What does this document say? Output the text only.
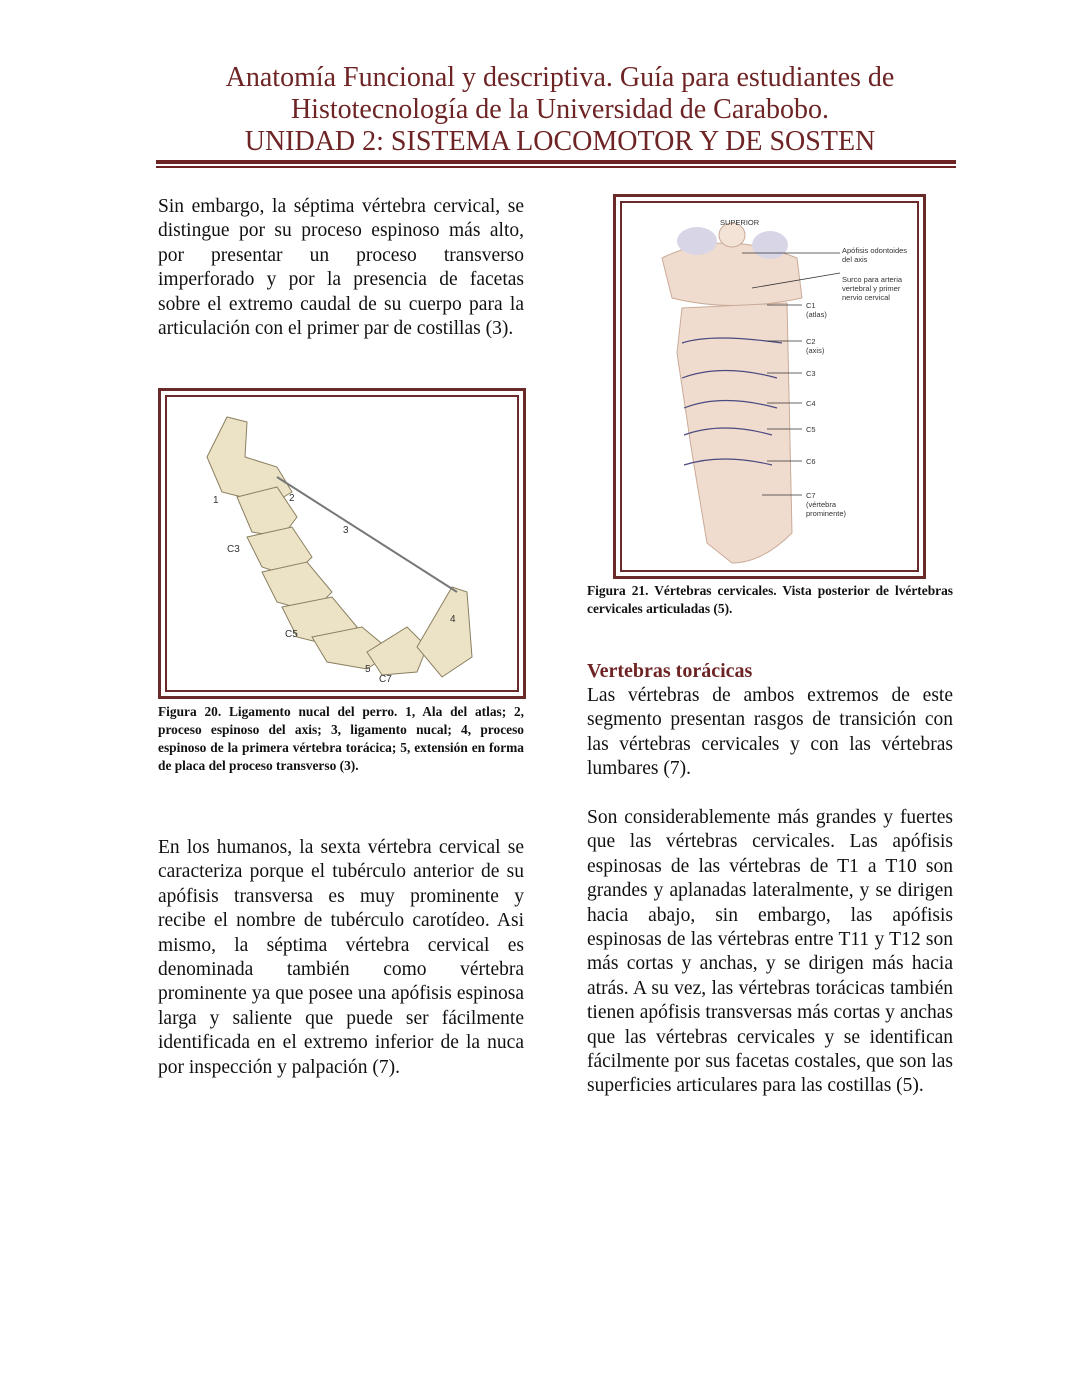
Anatomía Funcional y descriptiva. Guía para estudiantes de
Histotecnología de la Universidad de Carabobo.
UNIDAD 2: SISTEMA LOCOMOTOR Y DE SOSTEN
Sin embargo, la séptima vértebra cervical, se distingue por su proceso espinoso más alto, por presentar un proceso transverso imperforado y por la presencia de facetas sobre el extremo caudal de su cuerpo para la articulación con el primer par de costillas (3).
1	2
3
4
5
C3
C5
C7
Figura 20. Ligamento nucal del perro. 1, Ala del atlas; 2, proceso espinoso del axis; 3, ligamento nucal; 4, proceso espinoso de la primera vértebra torácica; 5, extensión en forma de placa del proceso transverso (3).
En los humanos, la sexta vértebra cervical se caracteriza porque el tubérculo anterior de su apófisis transversa es muy prominente y recibe el nombre de tubérculo carotídeo. Asi mismo, la séptima vértebra cervical es denominada también como vértebra prominente ya que posee una apófisis espinosa larga y saliente que puede ser fácilmente identificada en el extremo inferior de la nuca por inspección y palpación (7).
SUPERIOR
Apófisis odontoides
del axis
Surco para arteria
vertebral y primer
nervio cervical
C1
(atlas)
C2
(axis)
C3
C4
C5
C6
C7
(vértebra
prominente)
Figura 21. Vértebras cervicales. Vista posterior de lvértebras cervicales articuladas (5).
Vertebras torácicas
Las vértebras de ambos extremos de este segmento presentan rasgos de transición con las vértebras cervicales y con las vértebras lumbares (7).
Son considerablemente más grandes y fuertes que las vértebras cervicales. Las apófisis espinosas de las vértebras de T1 a T10 son grandes y aplanadas lateralmente, y se dirigen hacia abajo, sin embargo, las apófisis espinosas de las vértebras entre T11 y T12 son más cortas y anchas, y se dirigen más hacia atrás. A su vez, las vértebras torácicas también tienen apófisis transversas más cortas y anchas que las vértebras cervicales y se identifican fácilmente por sus facetas costales, que son las superficies articulares para las costillas (5).
